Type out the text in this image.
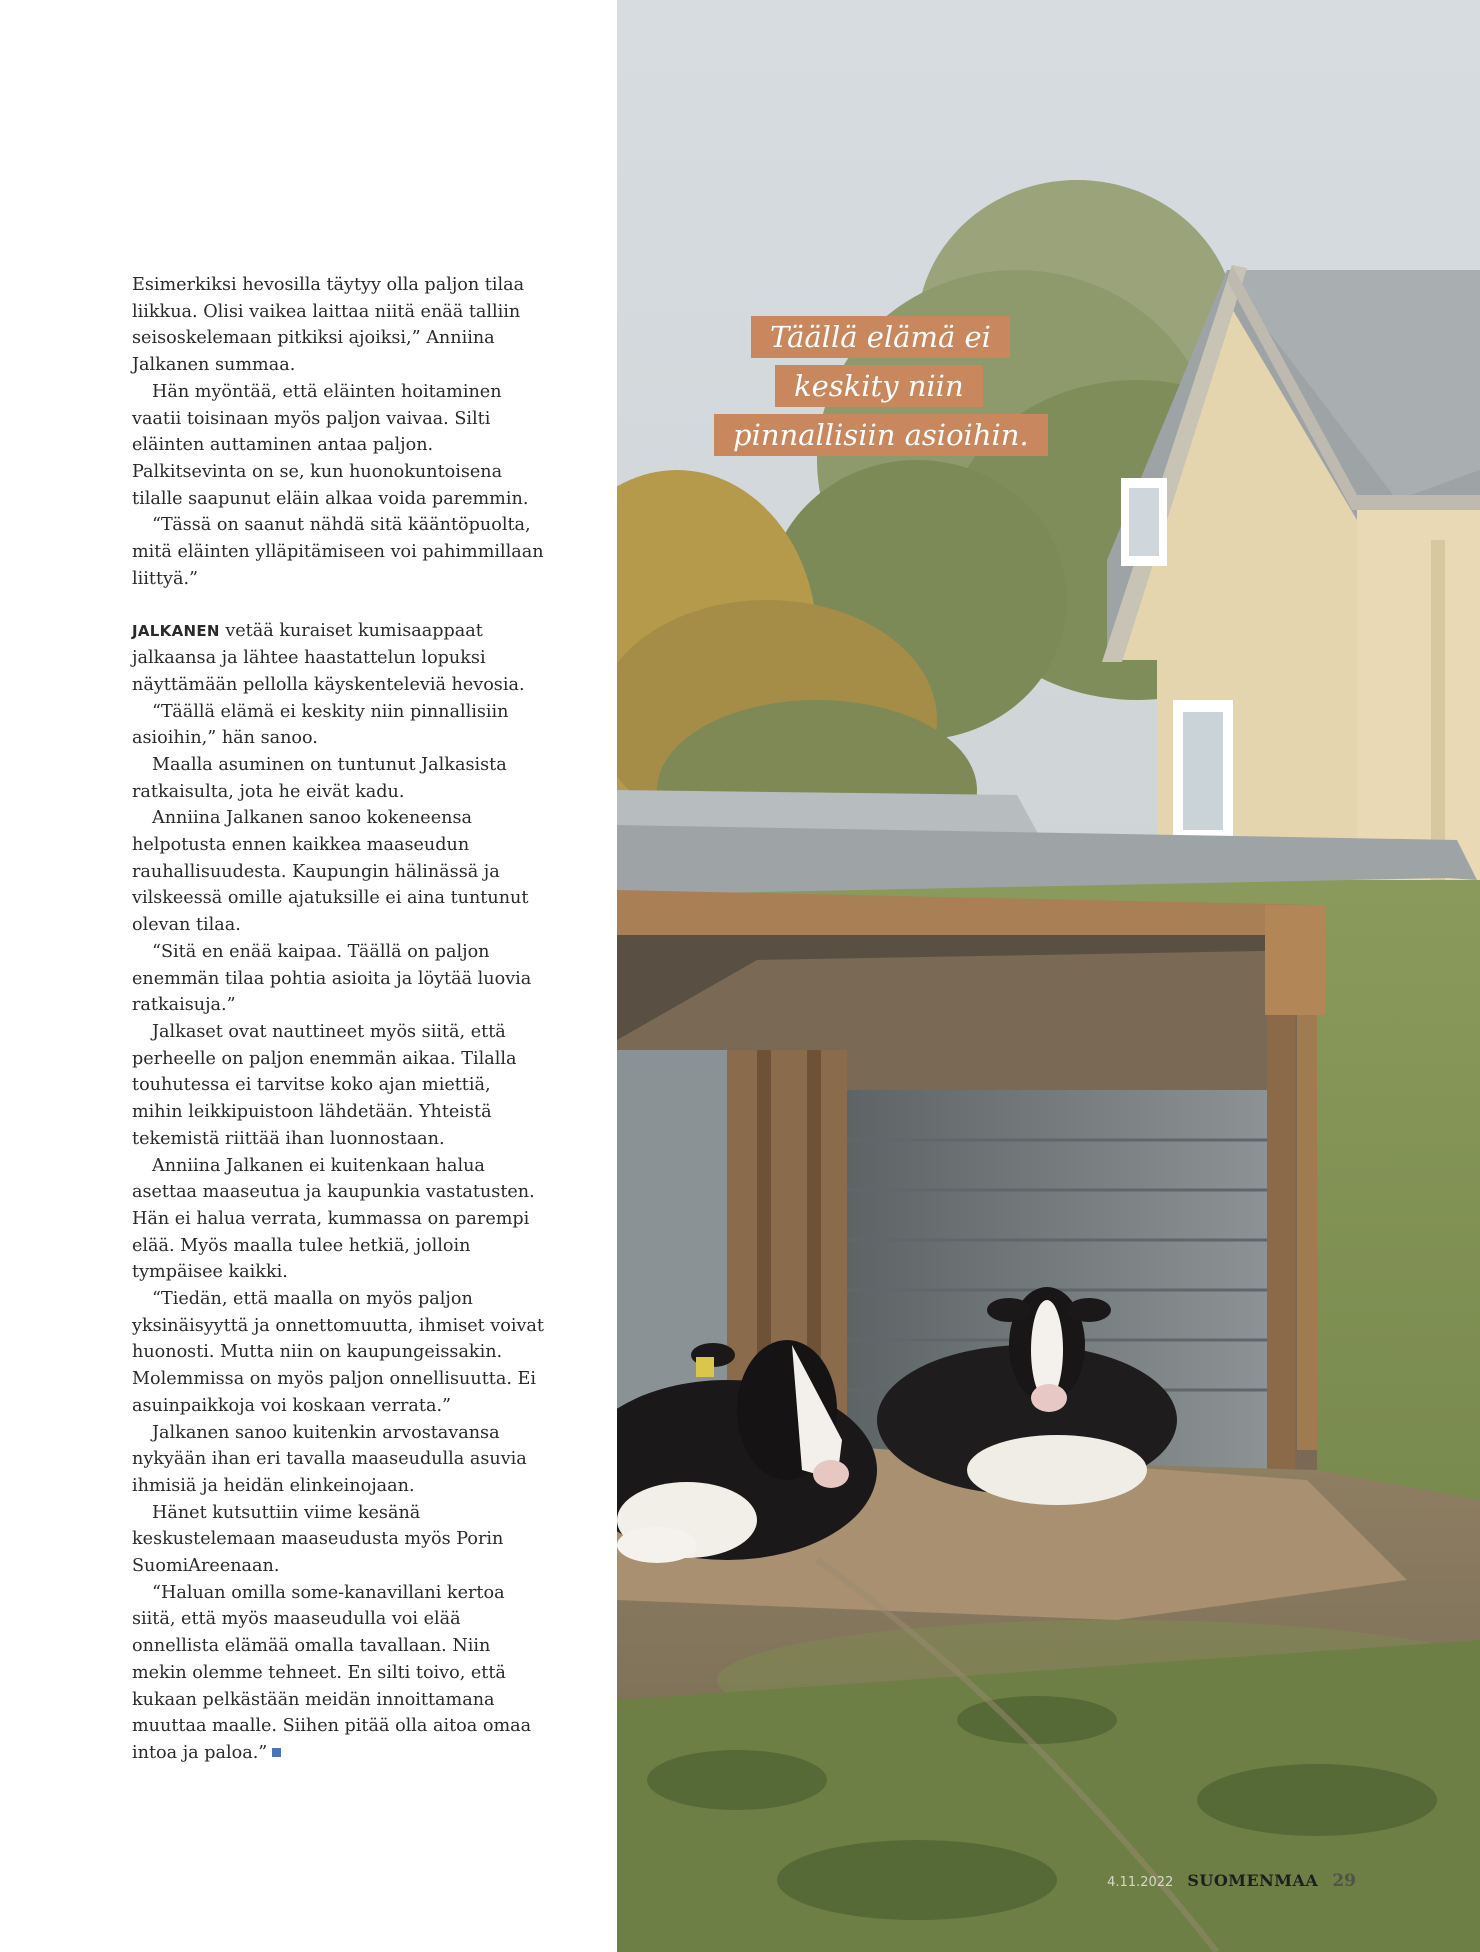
Esimerkiksi hevosilla täytyy olla paljon tilaa liikkua. Olisi vaikea laittaa niitä enää talliin seisoskelemaan pitkiksi ajoiksi,” Anniina Jalkanen summaa.

Hän myöntää, että eläinten hoitaminen vaatii toisinaan myös paljon vaivaa. Silti eläinten auttaminen antaa paljon. Palkitsevinta on se, kun huonokuntoisena tilalle saapunut eläin alkaa voida paremmin.

“Tässä on saanut nähdä sitä kääntöpuolta, mitä eläinten ylläpitämiseen voi pahimmillaan liittyä.”

JALKANEN vetää kuraiset kumisaappaat jalkaansa ja lähtee haastattelun lopuksi näyttämään pellolla käyskenteleviä hevosia.

“Täällä elämä ei keskity niin pinnallisiin asioihin,” hän sanoo.

Maalla asuminen on tuntunut Jalkasista ratkaisulta, jota he eivät kadu.

Anniina Jalkanen sanoo kokeneensa helpotusta ennen kaikkea maaseudun rauhallisuudesta. Kaupungin hälinässä ja vilskeessä omille ajatuksille ei aina tuntunut olevan tilaa.

“Sitä en enää kaipaa. Täällä on paljon enemmän tilaa pohtia asioita ja löytää luovia ratkaisuja.”

Jalkaset ovat nauttineet myös siitä, että perheelle on paljon enemmän aikaa. Tilalla touhutessa ei tarvitse koko ajan miettiä, mihin leikkipuistoon lähdetään. Yhteistä tekemistä riittää ihan luonnostaan.

Anniina Jalkanen ei kuitenkaan halua asettaa maaseutua ja kaupunkia vastatusten. Hän ei halua verrata, kummassa on parempi elää. Myös maalla tulee hetkiä, jolloin tympäisee kaikki.

“Tiedän, että maalla on myös paljon yksinäisyyttä ja onnettomuutta, ihmiset voivat huonosti. Mutta niin on kaupungeissakin. Molemmissa on myös paljon onnellisuutta. Ei asuinpaikkoja voi koskaan verrata.”

Jalkanen sanoo kuitenkin arvostavansa nykyään ihan eri tavalla maaseudulla asuvia ihmisiä ja heidän elinkeinojaan.

Hänet kutsuttiin viime kesänä keskustelemaan maaseudusta myös Porin SuomiAreenaan.

“Haluan omilla some-kanavillani kertoa siitä, että myös maaseudulla voi elää onnellista elämää omalla tavallaan. Niin mekin olemme tehneet. En silti toivo, että kukaan pelkästään meidän innoittamana muuttaa maalle. Siihen pitää olla aitoa omaa intoa ja paloa.”

Täällä elämä ei
keskity niin
pinnallisiin asioihin.
4.11.2022 SUOMENMAA 29
